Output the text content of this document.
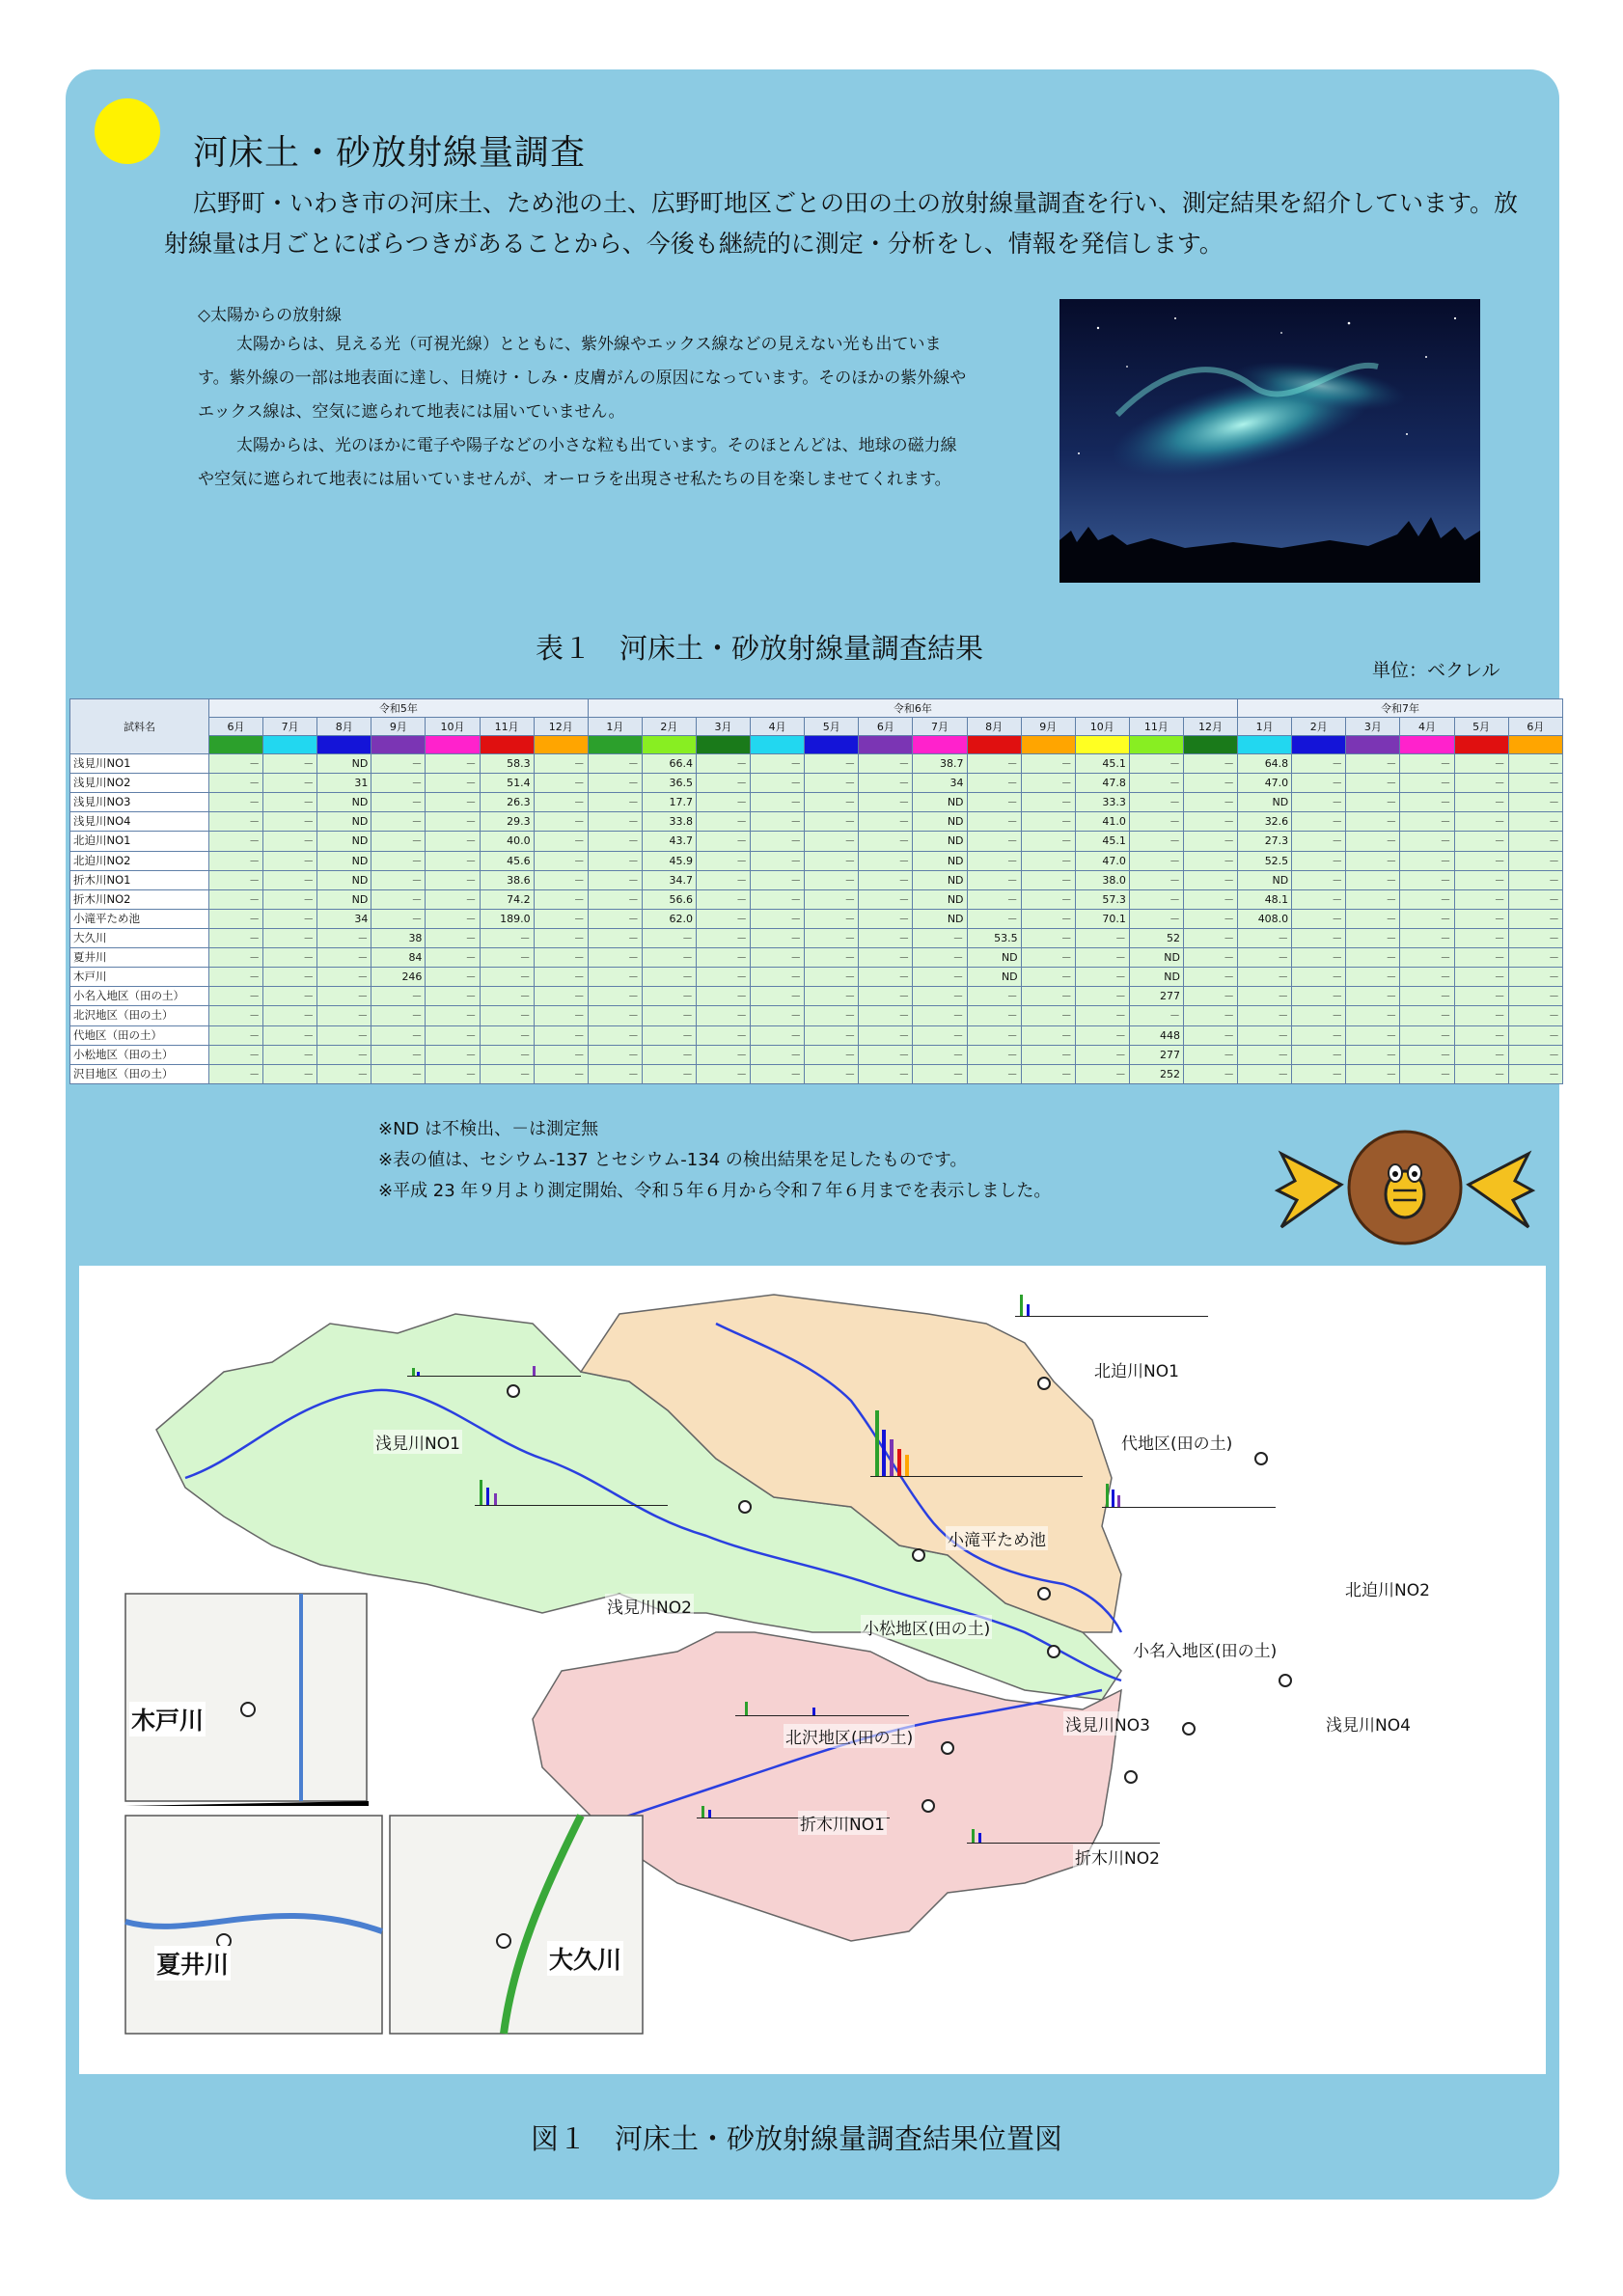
河床土・砂放射線量調査
広野町・いわき市の河床土、ため池の土、広野町地区ごとの田の土の放射線量調査を行い、測定結果を紹介しています。放射線量は月ごとにばらつきがあることから、今後も継続的に測定・分析をし、情報を発信します。
◇太陽からの放射線

太陽からは、見える光（可視光線）とともに、紫外線やエックス線などの見えない光も出ています。紫外線の一部は地表面に達し、日焼け・しみ・皮膚がんの原因になっています。そのほかの紫外線やエックス線は、空気に遮られて地表には届いていません。

太陽からは、光のほかに電子や陽子などの小さな粒も出ています。そのほとんどは、地球の磁力線や空気に遮られて地表には届いていませんが、オーロラを出現させ私たちの目を楽しませてくれます。

表１　河床土・砂放射線量調査結果
単位：ベクレル
試料名	令和5年							令和6年												令和7年					
	6月	7月	8月	9月	10月	11月	12月	1月	2月	3月	4月	5月	6月	7月	8月	9月	10月	11月	12月	1月	2月	3月	4月	5月	6月

浅見川NO1	－	－	ND	－	－	58.3	－	－	66.4	－	－	－	－	38.7	－	－	45.1	－	－	64.8	－	－	－	－	－
浅見川NO2	－	－	31	－	－	51.4	－	－	36.5	－	－	－	－	34	－	－	47.8	－	－	47.0	－	－	－	－	－
浅見川NO3	－	－	ND	－	－	26.3	－	－	17.7	－	－	－	－	ND	－	－	33.3	－	－	ND	－	－	－	－	－
浅見川NO4	－	－	ND	－	－	29.3	－	－	33.8	－	－	－	－	ND	－	－	41.0	－	－	32.6	－	－	－	－	－
北迫川NO1	－	－	ND	－	－	40.0	－	－	43.7	－	－	－	－	ND	－	－	45.1	－	－	27.3	－	－	－	－	－
北迫川NO2	－	－	ND	－	－	45.6	－	－	45.9	－	－	－	－	ND	－	－	47.0	－	－	52.5	－	－	－	－	－
折木川NO1	－	－	ND	－	－	38.6	－	－	34.7	－	－	－	－	ND	－	－	38.0	－	－	ND	－	－	－	－	－
折木川NO2	－	－	ND	－	－	74.2	－	－	56.6	－	－	－	－	ND	－	－	57.3	－	－	48.1	－	－	－	－	－
小滝平ため池	－	－	34	－	－	189.0	－	－	62.0	－	－	－	－	ND	－	－	70.1	－	－	408.0	－	－	－	－	－
大久川	－	－	－	38	－	－	－	－	－	－	－	－	－	－	53.5	－	－	52	－	－	－	－	－	－	－
夏井川	－	－	－	84	－	－	－	－	－	－	－	－	－	－	ND	－	－	ND	－	－	－	－	－	－	－
木戸川	－	－	－	246	－	－	－	－	－	－	－	－	－	－	ND	－	－	ND	－	－	－	－	－	－	－
小名入地区（田の土）	－	－	－	－	－	－	－	－	－	－	－	－	－	－	－	－	－	277	－	－	－	－	－	－	－
北沢地区（田の土）	－	－	－	－	－	－	－	－	－	－	－	－	－	－	－	－	－	－	－	－	－	－	－	－	－
代地区（田の土）	－	－	－	－	－	－	－	－	－	－	－	－	－	－	－	－	－	448	－	－	－	－	－	－	－
小松地区（田の土）	－	－	－	－	－	－	－	－	－	－	－	－	－	－	－	－	－	277	－	－	－	－	－	－	－
沢目地区（田の土）	－	－	－	－	－	－	－	－	－	－	－	－	－	－	－	－	－	252	－	－	－	－	－	－	－
※ND は不検出、－は測定無
※表の値は、セシウム-137 とセシウム-134 の検出結果を足したものです。
※平成 23 年９月より測定開始、令和５年６月から令和７年６月までを表示しました。
浅見川NO1
浅見川NO2
浅見川NO3	浅見川NO4
北迫川NO1
北迫川NO2
代地区(田の土)
小滝平ため池
小松地区(田の土)
小名入地区(田の土)
北沢地区(田の土)
折木川NO1
折木川NO2
木戸川
夏井川	大久川
図１　河床土・砂放射線量調査結果位置図
